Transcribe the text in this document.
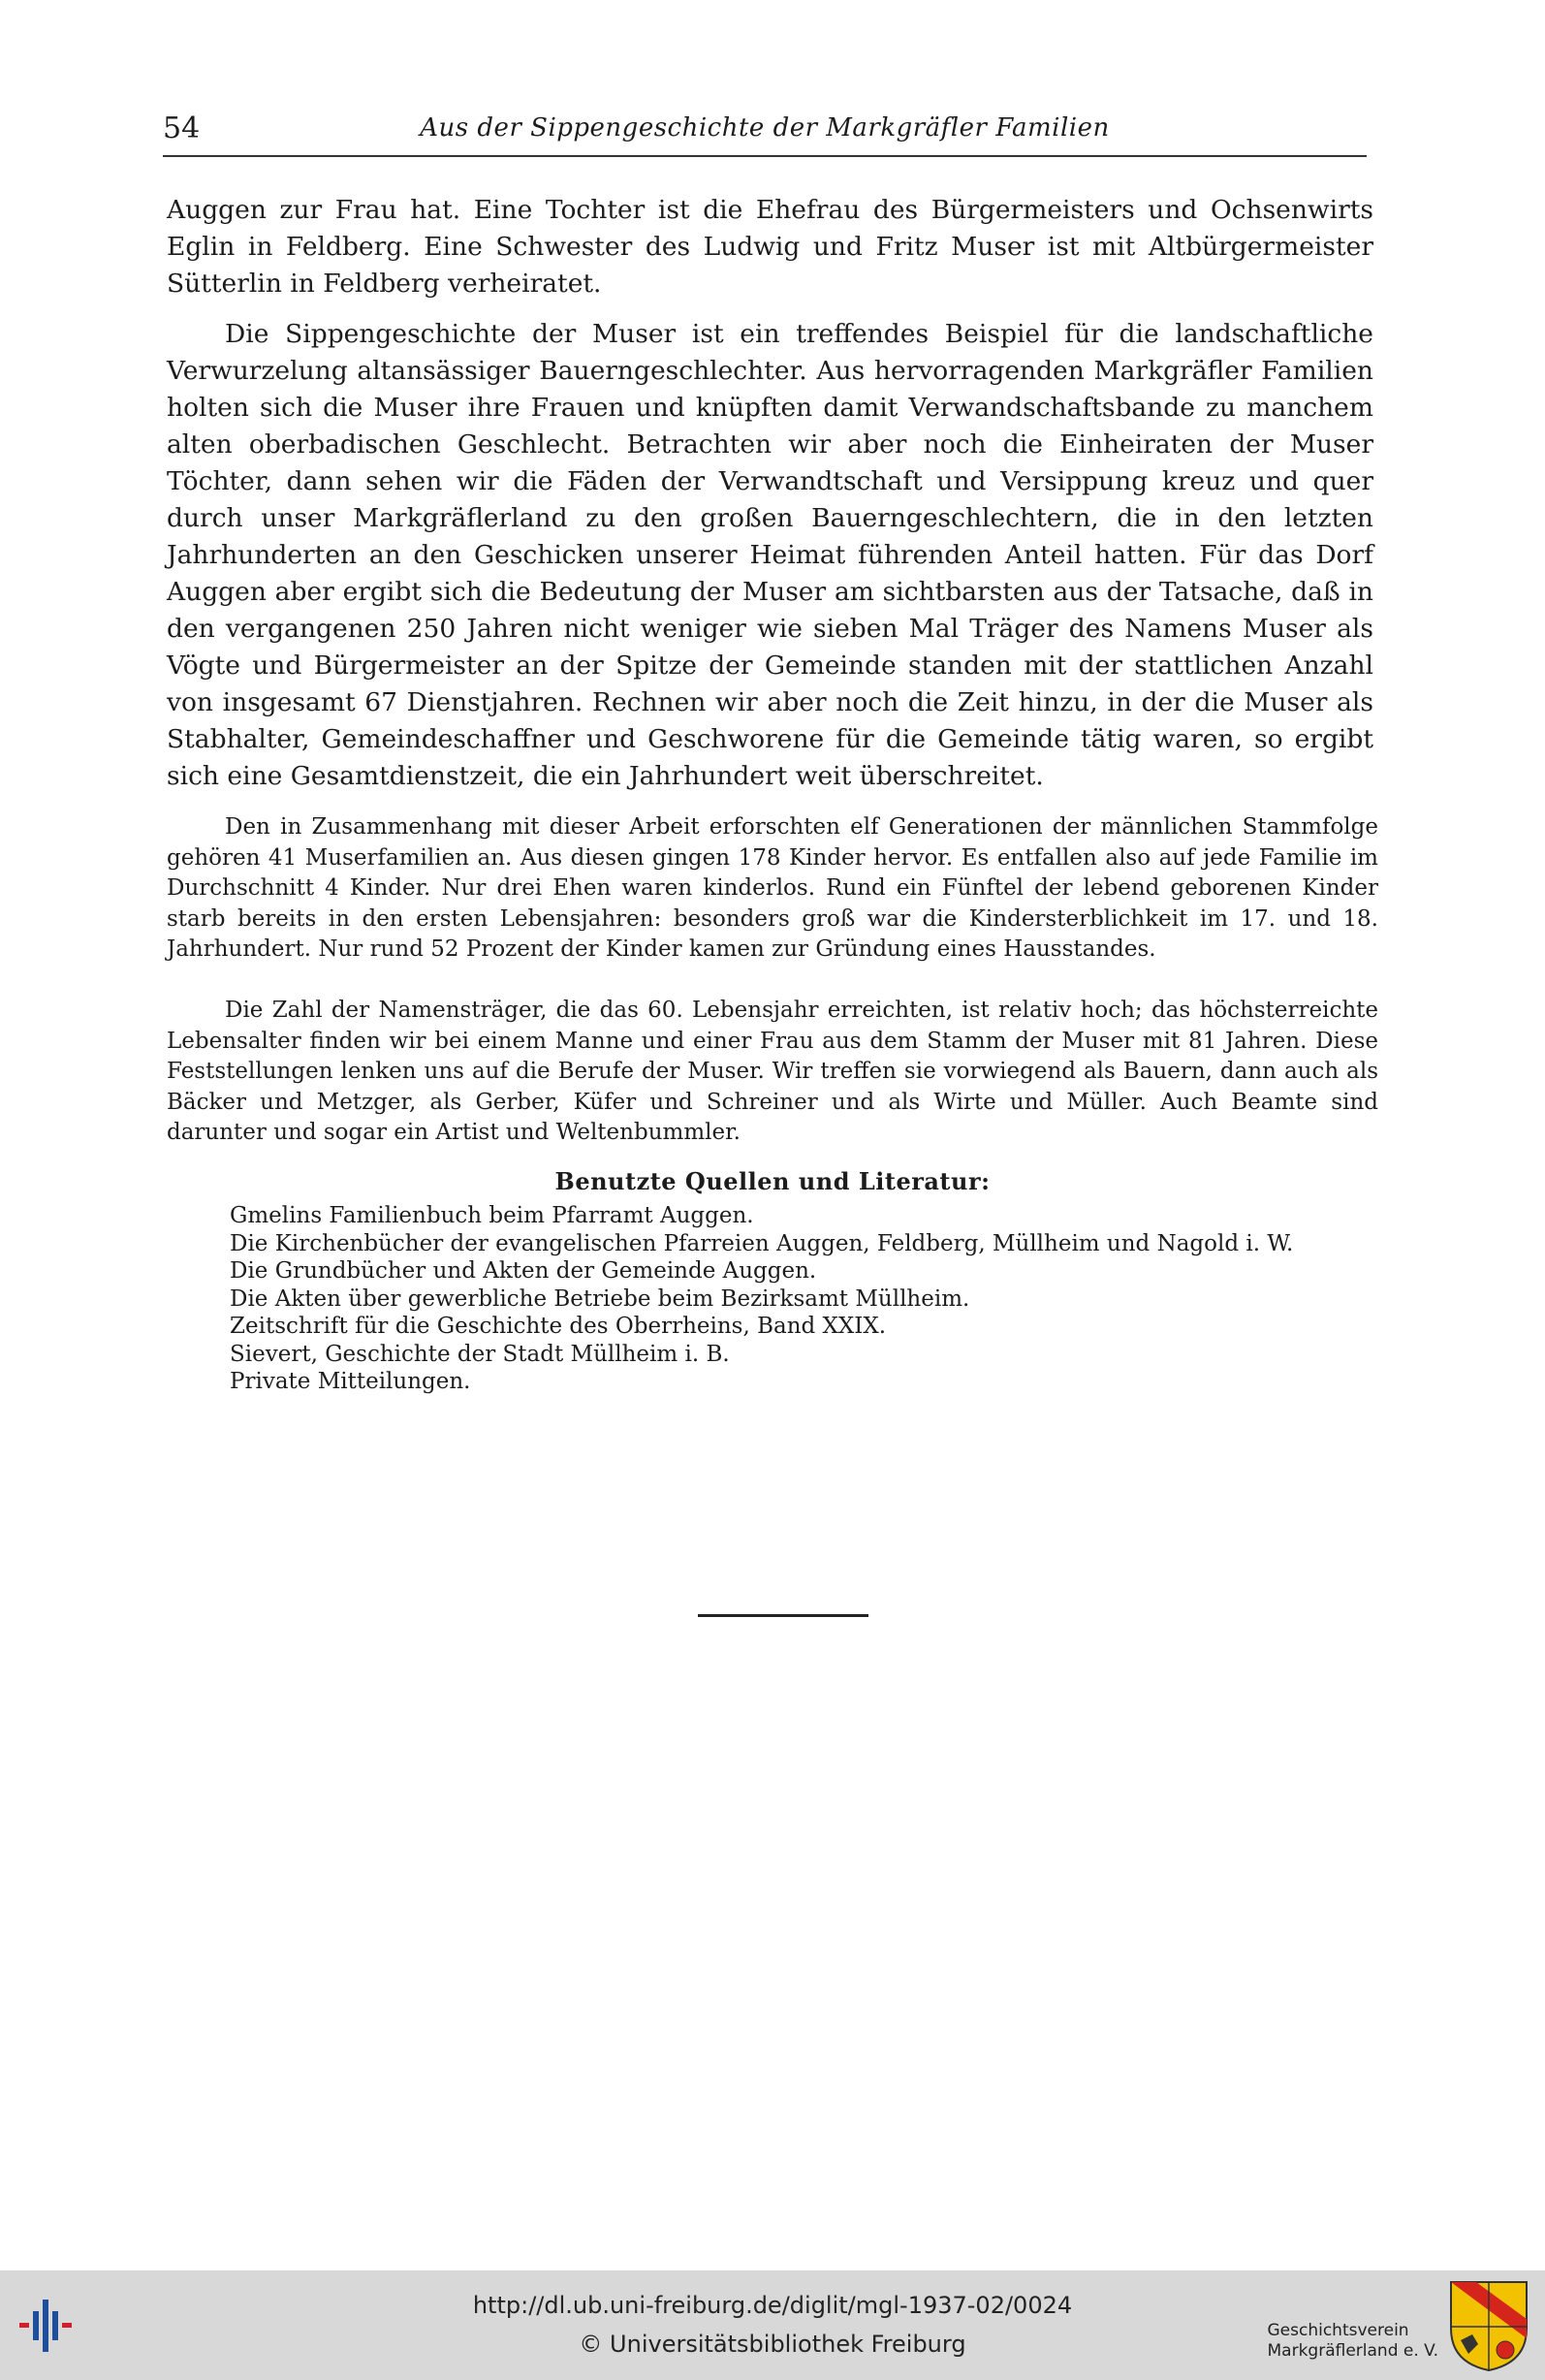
54	Aus der Sippengeschichte der Markgräfler Familien

Auggen zur Frau hat. Eine Tochter ist die Ehefrau des Bürgermeisters und Ochsenwirts Eglin in Feldberg. Eine Schwester des Ludwig und Fritz Muser ist mit Altbürgermeister Sütterlin in Feldberg verheiratet.

Die Sippengeschichte der Muser ist ein treffendes Beispiel für die landschaftliche Verwurzelung altansässiger Bauerngeschlechter. Aus hervorragenden Markgräfler Familien holten sich die Muser ihre Frauen und knüpften damit Verwandschaftsbande zu manchem alten oberbadischen Geschlecht. Betrachten wir aber noch die Einheiraten der Muser Töchter, dann sehen wir die Fäden der Verwandtschaft und Versippung kreuz und quer durch unser Markgräflerland zu den großen Bauerngeschlechtern, die in den letzten Jahrhunderten an den Geschicken unserer Heimat führenden Anteil hatten. Für das Dorf Auggen aber ergibt sich die Bedeutung der Muser am sichtbarsten aus der Tatsache, daß in den vergangenen 250 Jahren nicht weniger wie sieben Mal Träger des Namens Muser als Vögte und Bürgermeister an der Spitze der Gemeinde standen mit der stattlichen Anzahl von insgesamt 67 Dienstjahren. Rechnen wir aber noch die Zeit hinzu, in der die Muser als Stabhalter, Gemeindeschaffner und Geschworene für die Gemeinde tätig waren, so ergibt sich eine Gesamtdienstzeit, die ein Jahrhundert weit überschreitet.

Den in Zusammenhang mit dieser Arbeit erforschten elf Generationen der männlichen Stammfolge gehören 41 Muserfamilien an. Aus diesen gingen 178 Kinder hervor. Es entfallen also auf jede Familie im Durchschnitt 4 Kinder. Nur drei Ehen waren kinderlos. Rund ein Fünftel der lebend geborenen Kinder starb bereits in den ersten Lebensjahren: besonders groß war die Kindersterblichkeit im 17. und 18. Jahrhundert. Nur rund 52 Prozent der Kinder kamen zur Gründung eines Hausstandes.

Die Zahl der Namensträger, die das 60. Lebensjahr erreichten, ist relativ hoch; das höchsterreichte Lebensalter finden wir bei einem Manne und einer Frau aus dem Stamm der Muser mit 81 Jahren. Diese Feststellungen lenken uns auf die Berufe der Muser. Wir treffen sie vorwiegend als Bauern, dann auch als Bäcker und Metzger, als Gerber, Küfer und Schreiner und als Wirte und Müller. Auch Beamte sind darunter und sogar ein Artist und Weltenbummler.

Benutzte Quellen und Literatur:

Gmelins Familienbuch beim Pfarramt Auggen.

Die Kirchenbücher der evangelischen Pfarreien Auggen, Feldberg, Müllheim und Nagold i. W.

Die Grundbücher und Akten der Gemeinde Auggen.

Die Akten über gewerbliche Betriebe beim Bezirksamt Müllheim.

Zeitschrift für die Geschichte des Oberrheins, Band XXIX.

Sievert, Geschichte der Stadt Müllheim i. B.

Private Mitteilungen.

http://dl.ub.uni-freiburg.de/diglit/mgl-1937-02/0024
© Universitätsbibliothek Freiburg	Geschichtsverein
Markgräflerland e. V.
